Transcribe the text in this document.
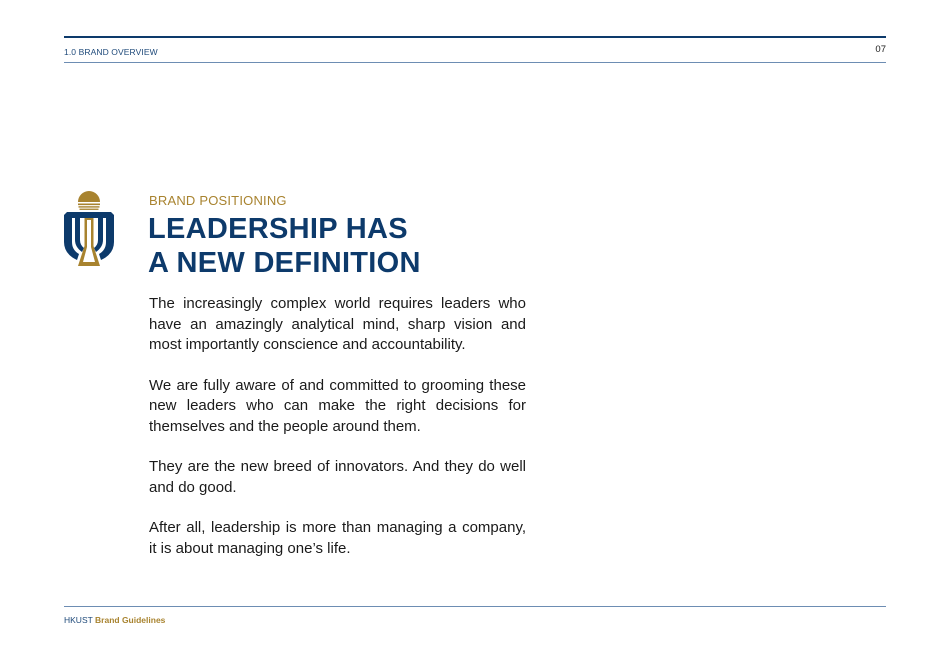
1.0 BRAND OVERVIEW	07
BRAND POSITIONING
LEADERSHIP HAS
A NEW DEFINITION

The increasingly complex world requires leaders who have an amazingly analytical mind, sharp vision and most importantly conscience and accountability.

We are fully aware of and committed to grooming these new leaders who can make the right decisions for themselves and the people around them.

They are the new breed of innovators. And they do well and do good.

After all, leadership is more than managing a company, it is about managing one’s life.

HKUST Brand Guidelines
